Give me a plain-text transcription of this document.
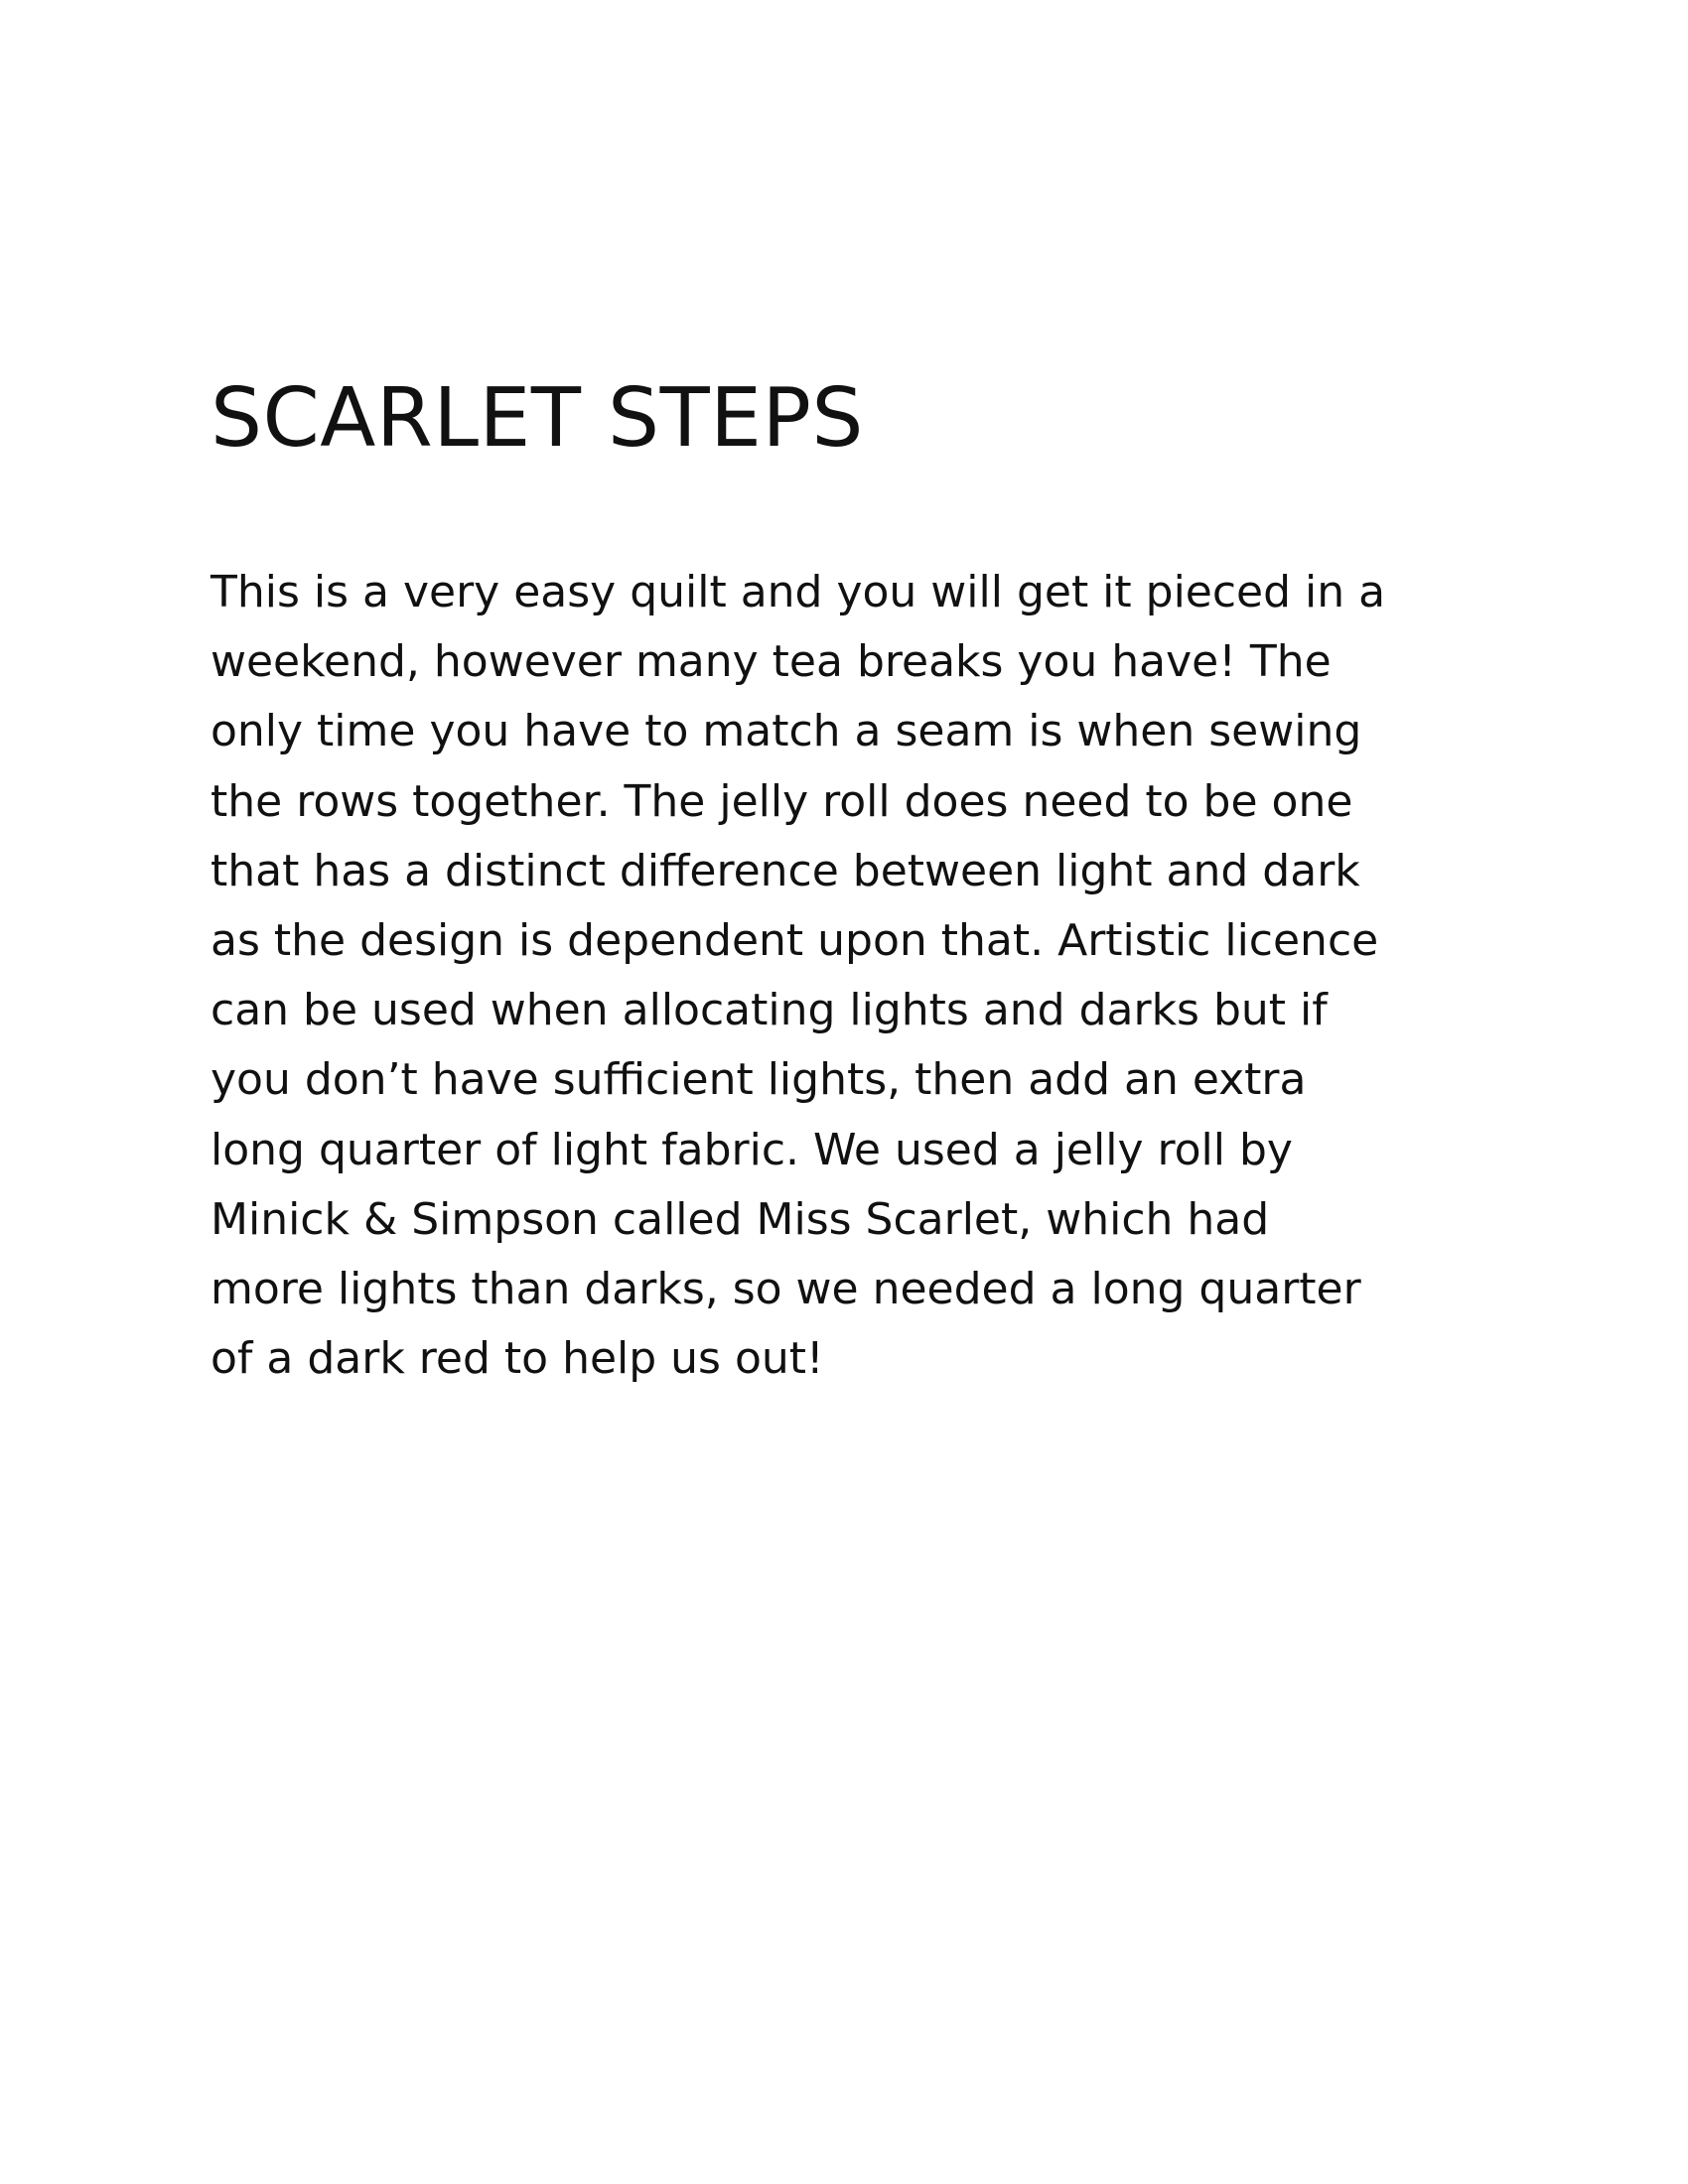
SCARLET STEPS

This is a very easy quilt and you will get it pieced in a
weekend, however many tea breaks you have! The
only time you have to match a seam is when sewing
the rows together. The jelly roll does need to be one
that has a distinct difference between light and dark
as the design is dependent upon that. Artistic licence
can be used when allocating lights and darks but if
you don’t have sufficient lights, then add an extra
long quarter of light fabric. We used a jelly roll by
Minick & Simpson called Miss Scarlet, which had
more lights than darks, so we needed a long quarter
of a dark red to help us out!
